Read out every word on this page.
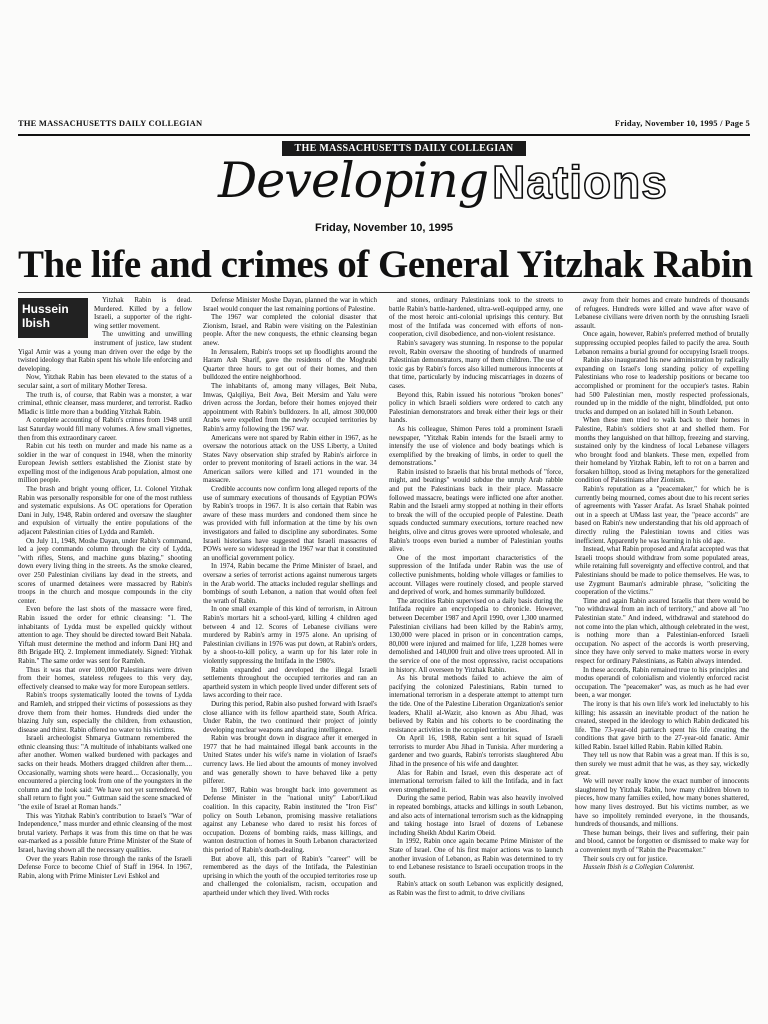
THE MASSACHUSETTS DAILY COLLEGIAN	Friday, November 10, 1995 / Page 5
THE MASSACHUSETTS DAILY COLLEGIAN
Developing Nations
Friday, November 10, 1995
The life and crimes of General Yitzhak Rabin
Hussein Ibish

Yitzhak Rabin is dead. Murdered. Killed by a fellow Israeli, a supporter of the right-wing settler movement.

The unwitting and unwilling instrument of justice, law student Yigal Amir was a young man driven over the edge by the twisted ideology that Rabin spent his whole life enforcing and developing.

Now, Yitzhak Rabin has been elevated to the status of a secular saint, a sort of military Mother Teresa.

The truth is, of course, that Rabin was a monster, a war criminal, ethnic cleanser, mass murderer, and terrorist. Radko Mladic is little more than a budding Yitzhak Rabin.

A complete accounting of Rabin's crimes from 1948 until last Saturday would fill many volumes. A few small vignettes, then from this extraordinary career.

Rabin cut his teeth on murder and made his name as a soldier in the war of conquest in 1948, when the minority European Jewish settlers established the Zionist state by expelling most of the indigenous Arab population, almost one million people.

The brash and bright young officer, Lt. Colonel Yitzhak Rabin was personally responsible for one of the most ruthless and systematic expulsions. As OC operations for Operation Dani in July, 1948, Rabin ordered and oversaw the slaughter and expulsion of virtually the entire populations of the adjacent Palestinian cities of Lydda and Ramleh.

On July 11, 1948, Moshe Dayan, under Rabin's command, led a jeep commando column through the city of Lydda, "with rifles, Stens, and machine guns blazing," shooting down every living thing in the streets. As the smoke cleared, over 250 Palestinian civilians lay dead in the streets, and scores of unarmed detainees were massacred by Rabin's troops in the church and mosque compounds in the city center.

Even before the last shots of the massacre were fired, Rabin issued the order for ethnic cleansing: "1. The inhabitants of Lydda must be expelled quickly without attention to age. They should be directed toward Beit Nabala. Yiftah must determine the method and inform Dani HQ and 8th Brigade HQ. 2. Implement immediately. Signed: Yitzhak Rabin." The same order was sent for Ramleh.

Thus it was that over 100,000 Palestinians were driven from their homes, stateless refugees to this very day, effectively cleansed to make way for more European settlers.

Rabin's troops systematically looted the towns of Lydda and Ramleh, and stripped their victims of possessions as they drove them from their homes. Hundreds died under the blazing July sun, especially the children, from exhaustion, disease and thirst. Rabin offered no water to his victims.

Israeli archeologist Shmarya Gutmann remembered the ethnic cleansing thus: "A multitude of inhabitants walked one after another. Women walked burdened with packages and sacks on their heads. Mothers dragged children after them.... Occasionally, warning shots were heard.... Occasionally, you encountered a piercing look from one of the youngsters in the column and the look said: 'We have not yet surrendered. We shall return to fight you.'" Guttman said the scene smacked of "the exile of Israel at Roman hands."

This was Yitzhak Rabin's contribution to Israel's "War of Independence," mass murder and ethnic cleansing of the most brutal variety. Perhaps it was from this time on that he was ear-marked as a possible future Prime Minister of the State of Israel, having shown all the necessary qualities.

Over the years Rabin rose through the ranks of the Israeli Defense Force to become Chief of Staff in 1964. In 1967, Rabin, along with Prime Minister Levi Eshkol and

Defense Minister Moshe Dayan, planned the war in which Israel would conquer the last remaining portions of Palestine.

The 1967 war completed the colonial disaster that Zionism, Israel, and Rabin were visiting on the Palestinian people. After the new conquests, the ethnic cleansing began anew.

In Jerusalem, Rabin's troops set up floodlights around the Haram Ash Sharif, gave the residents of the Moghrabi Quarter three hours to get out of their homes, and then bulldozed the entire neighborhood.

The inhabitants of, among many villages, Beit Nuba, Imwas, Qalqiliya, Beit Awa, Beit Mersim and Yalu were driven across the Jordan, before their homes enjoyed their appointment with Rabin's bulldozers. In all, almost 300,000 Arabs were expelled from the newly occupied territories by Rabin's army following the 1967 war.

Americans were not spared by Rabin either in 1967, as he oversaw the notorious attack on the USS Liberty, a United States Navy observation ship strafed by Rabin's airforce in order to prevent monitoring of Israeli actions in the war. 34 American sailors were killed and 171 wounded in the massacre.

Credible accounts now confirm long alleged reports of the use of summary executions of thousands of Egyptian POWs by Rabin's troops in 1967. It is also certain that Rabin was aware of these mass murders and condoned them since he was provided with full information at the time by his own investigators and failed to discipline any subordinates. Some Israeli historians have suggested that Israeli massacres of POWs were so widespread in the 1967 war that it constituted an unofficial government policy.

In 1974, Rabin became the Prime Minister of Israel, and oversaw a series of terrorist actions against numerous targets in the Arab world. The attacks included regular shellings and bombings of south Lebanon, a nation that would often feel the wrath of Rabin.

In one small example of this kind of terrorism, in Aitroun Rabin's mortars hit a school-yard, killing 4 children aged between 4 and 12. Scores of Lebanese civilians were murdered by Rabin's army in 1975 alone. An uprising of Palestinian civilians in 1976 was put down, at Rabin's orders, by a shoot-to-kill policy, a warm up for his later role in violently suppressing the Intifada in the 1980's.

Rabin expanded and developed the illegal Israeli settlements throughout the occupied territories and ran an apartheid system in which people lived under different sets of laws according to their race.

During this period, Rabin also pushed forward with Israel's close alliance with its fellow apartheid state, South Africa. Under Rabin, the two continued their project of jointly developing nuclear weapons and sharing intelligence.

Rabin was brought down in disgrace after it emerged in 1977 that he had maintained illegal bank accounts in the United States under his wife's name in violation of Israel's currency laws. He lied about the amounts of money involved and was generally shown to have behaved like a petty pilferer.

In 1987, Rabin was brought back into government as Defense Minister in the "national unity" Labor/Likud coalition. In this capacity, Rabin instituted the "Iron Fist" policy on South Lebanon, promising massive retaliations against any Lebanese who dared to resist his forces of occupation. Dozens of bombing raids, mass killings, and wanton destruction of homes in South Lebanon characterized this period of Rabin's death-dealing.

But above all, this part of Rabin's "career" will be remembered as the days of the Intifada, the Palestinian uprising in which the youth of the occupied territories rose up and challenged the colonialism, racism, occupation and apartheid under which they lived. With rocks

and stones, ordinary Palestinians took to the streets to battle Rabin's battle-hardened, ultra-well-equipped army, one of the most heroic anti-colonial uprisings this century. But most of the Intifada was concerned with efforts of non-cooperation, civil disobedience, and non-violent resistance.

Rabin's savagery was stunning. In response to the popular revolt, Rabin oversaw the shooting of hundreds of unarmed Palestinian demonstrators, many of them children. The use of toxic gas by Rabin's forces also killed numerous innocents at that time, particularly by inducing miscarriages in dozens of cases.

Beyond this, Rabin issued his notorious "broken bones" policy in which Israeli soldiers were ordered to catch any Palestinian demonstrators and break either their legs or their hands.

As his colleague, Shimon Peres told a prominent Israeli newspaper, "Yitzhak Rabin intends for the Israeli army to intensify the use of violence and body beatings which is exemplified by the breaking of limbs, in order to quell the demonstrations."

Rabin insisted to Israelis that his brutal methods of "force, might, and beatings" would subdue the unruly Arab rabble and put the Palestinians back in their place. Massacre followed massacre, beatings were inflicted one after another. Rabin and the Israeli army stopped at nothing in their efforts to break the will of the occupied people of Palestine. Death squads conducted summary executions, torture reached new heights, olive and citrus groves were uprooted wholesale, and Rabin's troops even buried a number of Palestinian youths alive.

One of the most important characteristics of the suppression of the Intifada under Rabin was the use of collective punishments, holding whole villages or families to account. Villages were routinely closed, and people starved and deprived of work, and homes summarily bulldozed.

The atrocities Rabin supervised on a daily basis during the Intifada require an encyclopedia to chronicle. However, between December 1987 and April 1990, over 1,300 unarmed Palestinian civilians had been killed by the Rabin's army, 130,000 were placed in prison or in concentration camps, 80,000 were injured and maimed for life, 1,228 homes were demolished and 140,000 fruit and olive trees uprooted. All in the service of one of the most oppressive, racist occupations in history. All overseen by Yitzhak Rabin.

As his brutal methods failed to achieve the aim of pacifying the colonized Palestinians, Rabin turned to international terrorism in a desperate attempt to attempt turn the tide. One of the Palestine Liberation Organization's senior leaders, Khalil al-Wazir, also known as Abu Jihad, was believed by Rabin and his cohorts to be coordinating the resistance activities in the occupied territories.

On April 16, 1988, Rabin sent a hit squad of Israeli terrorists to murder Abu Jihad in Tunisia. After murdering a gardener and two guards, Rabin's terrorists slaughtered Abu Jihad in the presence of his wife and daughter.

Alas for Rabin and Israel, even this desperate act of international terrorism failed to kill the Intifada, and in fact even strengthened it.

During the same period, Rabin was also heavily involved in repeated bombings, attacks and killings in south Lebanon, and also acts of international terrorism such as the kidnapping and taking hostage into Israel of dozens of Lebanese including Sheikh Abdul Karim Obeid.

In 1992, Rabin once again became Prime Minister of the State of Israel. One of his first major actions was to launch another invasion of Lebanon, as Rabin was determined to try to end Lebanese resistance to Israeli occupation troops in the south.

Rabin's attack on south Lebanon was explicitly designed, as Rabin was the first to admit, to drive civilians

away from their homes and create hundreds of thousands of refugees. Hundreds were killed and wave after wave of Lebanese civilians were driven north by the onrushing Israeli assault.

Once again, however, Rabin's preferred method of brutally suppressing occupied peoples failed to pacify the area. South Lebanon remains a burial ground for occupying Israeli troops.

Rabin also inaugurated his new administration by radically expanding on Israel's long standing policy of expelling Palestinians who rose to leadership positions or became too accomplished or prominent for the occupier's tastes. Rabin had 500 Palestinian men, mostly respected professionals, rounded up in the middle of the night, blindfolded, put onto trucks and dumped on an isolated hill in South Lebanon.

When these men tried to walk back to their homes in Palestine, Rabin's soldiers shot at and shelled them. For months they languished on that hilltop, freezing and starving, sustained only by the kindness of local Lebanese villagers who brought food and blankets. These men, expelled from their homeland by Yitzhak Rabin, left to rot on a barren and forsaken hilltop, stood as living metaphors for the generalized condition of Palestinians after Zionism.

Rabin's reputation as a "peacemaker," for which he is currently being mourned, comes about due to his recent series of agreements with Yasser Arafat. As Israel Shahak pointed out in a speech at UMass last year, the "peace accords" are based on Rabin's new understanding that his old approach of directly ruling the Palestinian towns and cities was inefficient. Apparently he was learning in his old age.

Instead, what Rabin proposed and Arafat accepted was that Israeli troops should withdraw from some populated areas, while retaining full sovereignty and effective control, and that Palestinians should be made to police themselves. He was, to use Zygmunt Bauman's admirable phrase, "soliciting the cooperation of the victims."

Time and again Rabin assured Israelis that there would be "no withdrawal from an inch of territory," and above all "no Palestinian state." And indeed, withdrawal and statehood do not come into the plan which, although celebrated in the west, is nothing more than a Palestinian-enforced Israeli occupation. No aspect of the accords is worth preserving, since they have only served to make matters worse in every respect for ordinary Palestinians, as Rabin always intended.

In these accords, Rabin remained true to his principles and modus operandi of colonialism and violently enforced racist occupation. The "peacemaker" was, as much as he had ever been, a war monger.

The irony is that his own life's work led ineluctably to his killing; his assassin an inevitable product of the nation he created, steeped in the ideology to which Rabin dedicated his life. The 73-year-old patriarch spent his life creating the conditions that gave birth to the 27-year-old fanatic. Amir killed Rabin. Israel killed Rabin. Rabin killed Rabin.

They tell us now that Rabin was a great man. If this is so, then surely we must admit that he was, as they say, wickedly great.

We will never really know the exact number of innocents slaughtered by Yitzhak Rabin, how many children blown to pieces, how many families exiled, how many bones shattered, how many lives destroyed. But his victims number, as we have so impolitely reminded everyone, in the thousands, hundreds of thousands, and millions.

These human beings, their lives and suffering, their pain and blood, cannot be forgotten or dismissed to make way for a convenient myth of "Rabin the Peacemaker."

Their souls cry out for justice.

Hussein Ibish is a Collegian Columnist.
